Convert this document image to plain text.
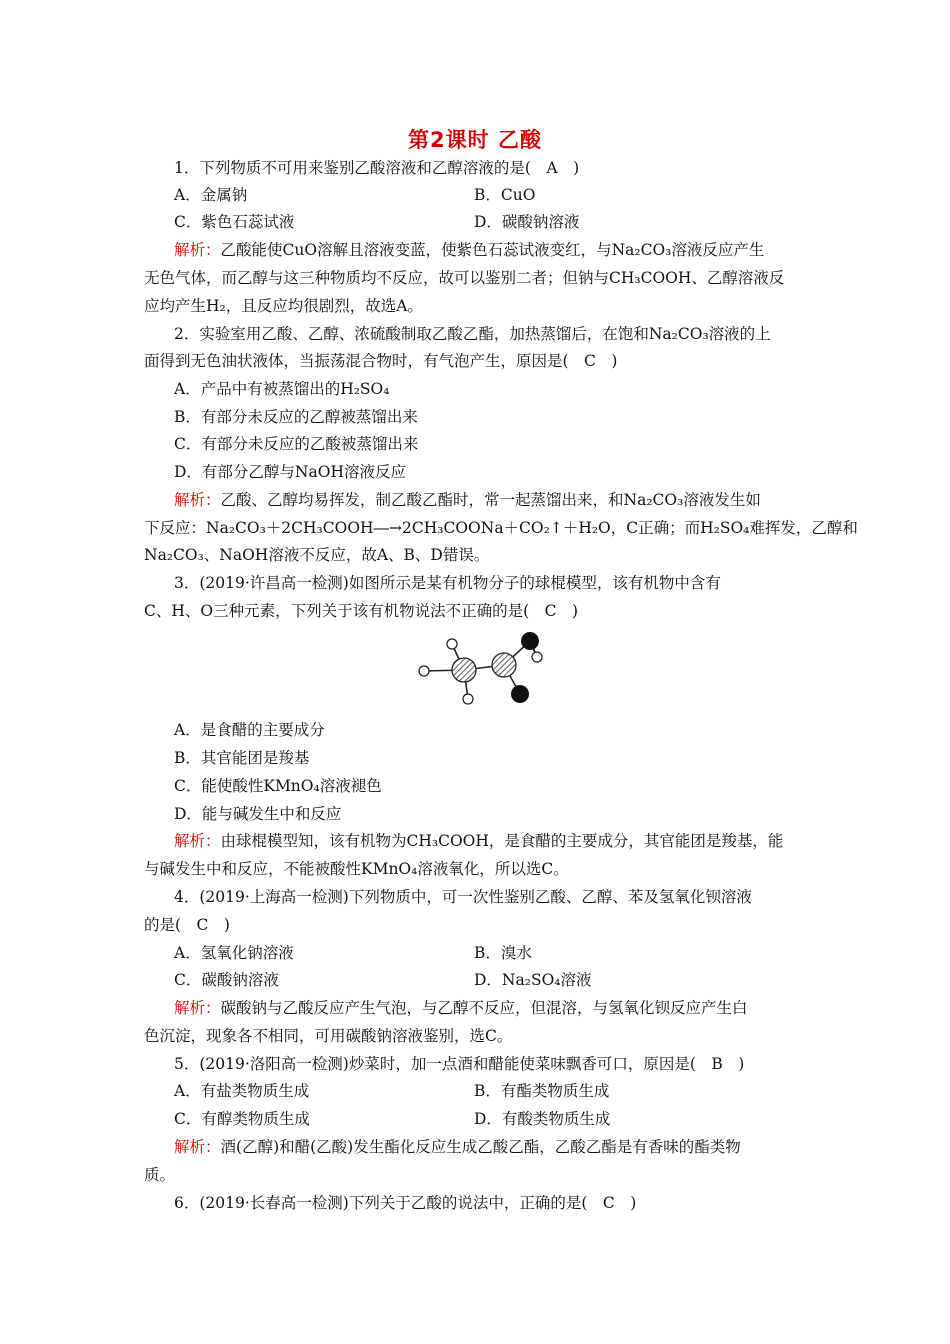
第2课时 乙酸
1．下列物质不可用来鉴别乙酸溶液和乙醇溶液的是(　A　)
A．金属钠	B．CuO
C．紫色石蕊试液	D．碳酸钠溶液
解析：乙酸能使CuO溶解且溶液变蓝，使紫色石蕊试液变红，与Na₂CO₃溶液反应产生
无色气体，而乙醇与这三种物质均不反应，故可以鉴别二者；但钠与CH₃COOH、乙醇溶液反
应均产生H₂，且反应均很剧烈，故选A。
2．实验室用乙酸、乙醇、浓硫酸制取乙酸乙酯，加热蒸馏后，在饱和Na₂CO₃溶液的上
面得到无色油状液体，当振荡混合物时，有气泡产生，原因是(　C　)
A．产品中有被蒸馏出的H₂SO₄
B．有部分未反应的乙醇被蒸馏出来
C．有部分未反应的乙酸被蒸馏出来
D．有部分乙醇与NaOH溶液反应
解析：乙酸、乙醇均易挥发，制乙酸乙酯时，常一起蒸馏出来，和Na₂CO₃溶液发生如
下反应：Na₂CO₃＋2CH₃COOH―→2CH₃COONa＋CO₂↑＋H₂O，C正确；而H₂SO₄难挥发，乙醇和
Na₂CO₃、NaOH溶液不反应，故A、B、D错误。
3．(2019·许昌高一检测)如图所示是某有机物分子的球棍模型，该有机物中含有
C、H、O三种元素，下列关于该有机物说法不正确的是(　C　)
A．是食醋的主要成分
B．其官能团是羧基
C．能使酸性KMnO₄溶液褪色
D．能与碱发生中和反应
解析：由球棍模型知，该有机物为CH₃COOH，是食醋的主要成分，其官能团是羧基，能
与碱发生中和反应，不能被酸性KMnO₄溶液氧化，所以选C。
4．(2019·上海高一检测)下列物质中，可一次性鉴别乙酸、乙醇、苯及氢氧化钡溶液
的是(　C　)
A．氢氧化钠溶液	B．溴水
C．碳酸钠溶液	D．Na₂SO₄溶液
解析：碳酸钠与乙酸反应产生气泡，与乙醇不反应，但混溶，与氢氧化钡反应产生白
色沉淀，现象各不相同，可用碳酸钠溶液鉴别，选C。
5．(2019·洛阳高一检测)炒菜时，加一点酒和醋能使菜味飘香可口，原因是(　B　)
A．有盐类物质生成	B．有酯类物质生成
C．有醇类物质生成	D．有酸类物质生成
解析：酒(乙醇)和醋(乙酸)发生酯化反应生成乙酸乙酯，乙酸乙酯是有香味的酯类物
质。
6．(2019·长春高一检测)下列关于乙酸的说法中，正确的是(　C　)
